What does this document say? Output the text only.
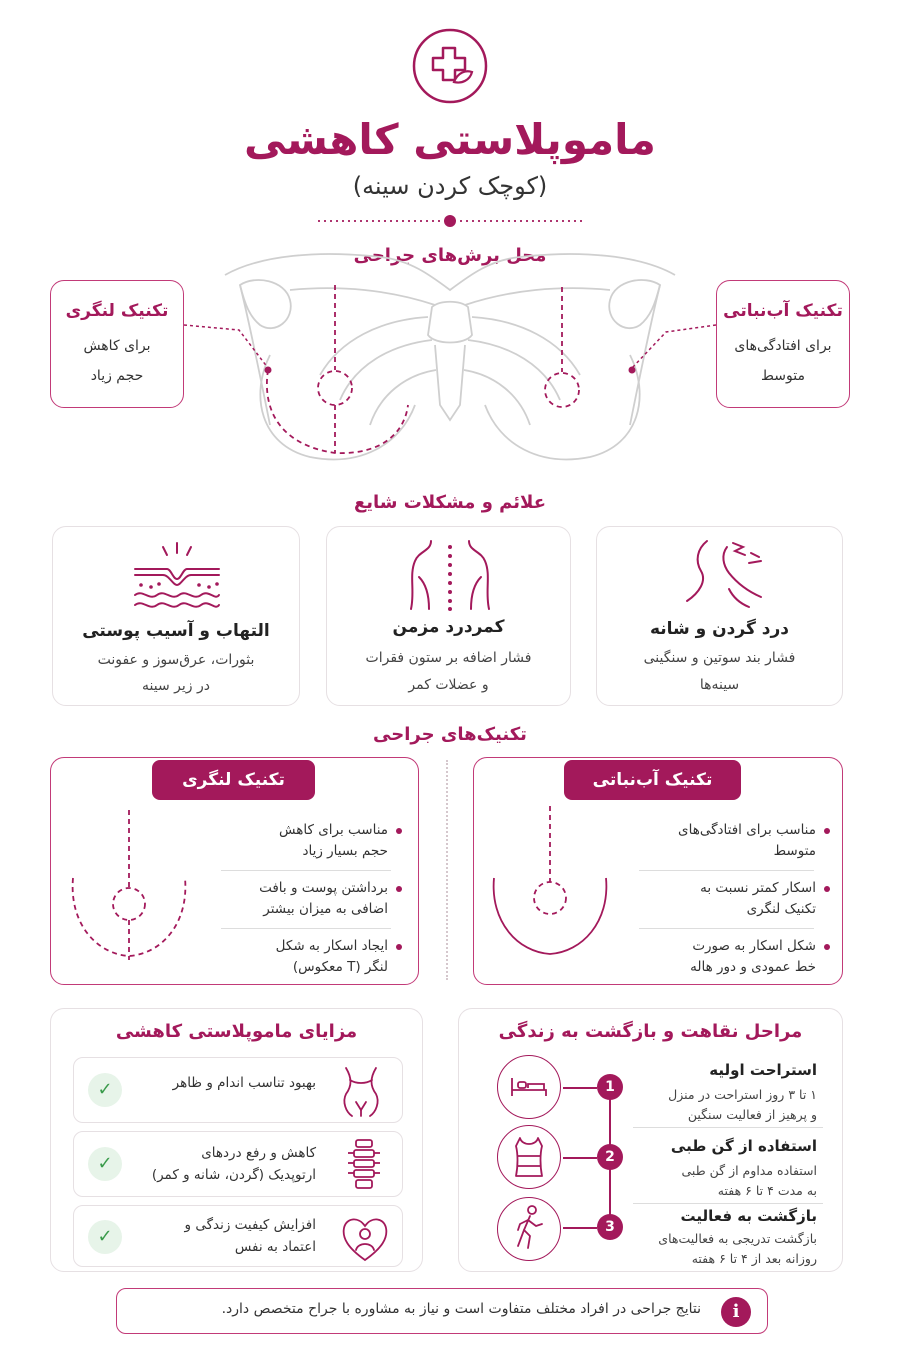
ماموپلاستی کاهشی
(کوچک کردن سینه)
محل برش‌های جراحی
تکنیک لنگری
برای کاهش
حجم زیاد
تکنیک آب‌نباتی
برای افتادگی‌های
متوسط
علائم و مشکلات شایع
التهاب و آسیب پوستی
بثورات، عرق‌سوز و عفونت
در زیر سینه
کمردرد مزمن
فشار اضافه بر ستون فقرات
و عضلات کمر
درد گردن و شانه
فشار بند سوتین و سنگینی
سینه‌ها
تکنیک‌های جراحی
تکنیک لنگری
مناسب برای کاهش
حجم بسیار زیاد
برداشتن پوست و بافت
اضافی به میزان بیشتر
ایجاد اسکار به شکل
لنگر (T معکوس)
تکنیک آب‌نباتی
مناسب برای افتادگی‌های
متوسط
اسکار کمتر نسبت به
تکنیک لنگری
شکل اسکار به صورت
خط عمودی و دور هاله
مزایای ماموپلاستی کاهشی
✓	بهبود تناسب اندام و ظاهر
✓	کاهش و رفع دردهای
ارتوپدیک (گردن، شانه و کمر)
✓
افزایش کیفیت زندگی و
اعتماد به نفس
مراحل نقاهت و بازگشت به زندگی
1
استراحت اولیه
۱ تا ۳ روز استراحت در منزل
و پرهیز از فعالیت سنگین
2
استفاده از گن طبی
استفاده مداوم از گن طبی
به مدت ۴ تا ۶ هفته
3
بازگشت به فعالیت
بازگشت تدریجی به فعالیت‌های
روزانه بعد از ۴ تا ۶ هفته
نتایج جراحی در افراد مختلف متفاوت است و نیاز به مشاوره با جراح متخصص دارد.	i
